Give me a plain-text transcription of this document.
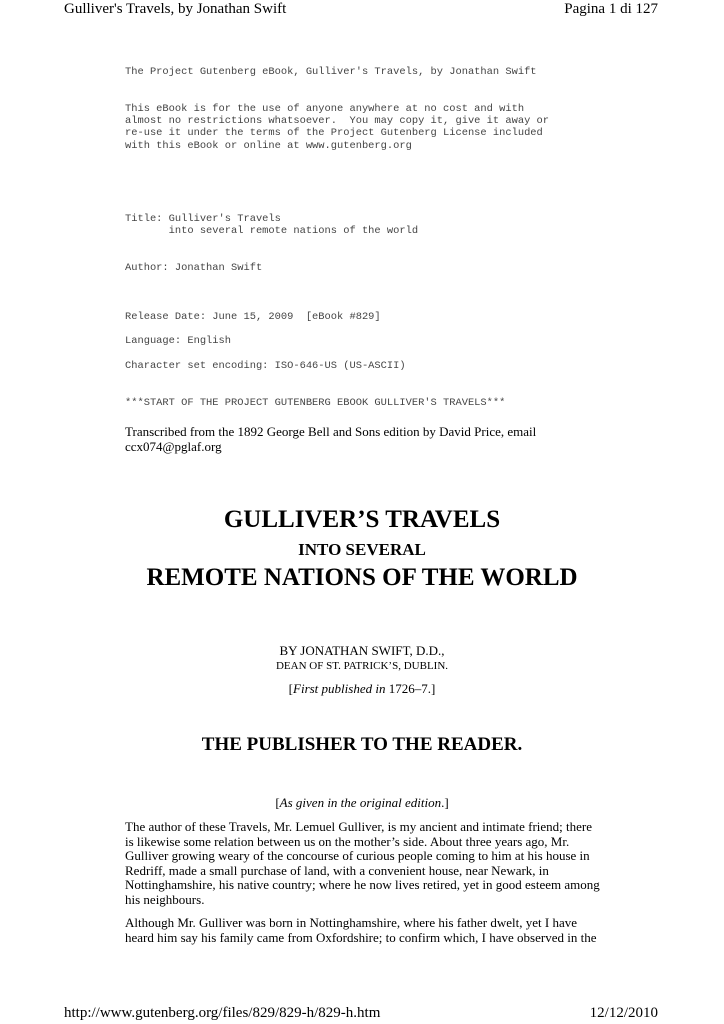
Gulliver's Travels, by Jonathan Swift	Pagina 1 di 127
The Project Gutenberg eBook, Gulliver's Travels, by Jonathan Swift
This eBook is for the use of anyone anywhere at no cost and with
almost no restrictions whatsoever.  You may copy it, give it away or
re-use it under the terms of the Project Gutenberg License included
with this eBook or online at www.gutenberg.org
Title: Gulliver's Travels
into several remote nations of the world
Author: Jonathan Swift
Release Date: June 15, 2009  [eBook #829]
Language: English
Character set encoding: ISO-646-US (US-ASCII)
***START OF THE PROJECT GUTENBERG EBOOK GULLIVER'S TRAVELS***
Transcribed from the 1892 George Bell and Sons edition by David Price, email ccx074@pglaf.org
GULLIVER’S TRAVELS
INTO SEVERAL
REMOTE NATIONS OF THE WORLD
BY JONATHAN SWIFT, D.D.,
DEAN OF ST. PATRICK’S, DUBLIN.
[First published in 1726–7.]
THE PUBLISHER TO THE READER.
[As given in the original edition.]
The author of these Travels, Mr. Lemuel Gulliver, is my ancient and intimate friend; there is likewise some relation between us on the mother’s side. About three years ago, Mr. Gulliver growing weary of the concourse of curious people coming to him at his house in Redriff, made a small purchase of land, with a convenient house, near Newark, in Nottinghamshire, his native country; where he now lives retired, yet in good esteem among his neighbours.
Although Mr. Gulliver was born in Nottinghamshire, where his father dwelt, yet I have heard him say his family came from Oxfordshire; to confirm which, I have observed in the
http://www.gutenberg.org/files/829/829-h/829-h.htm	12/12/2010
